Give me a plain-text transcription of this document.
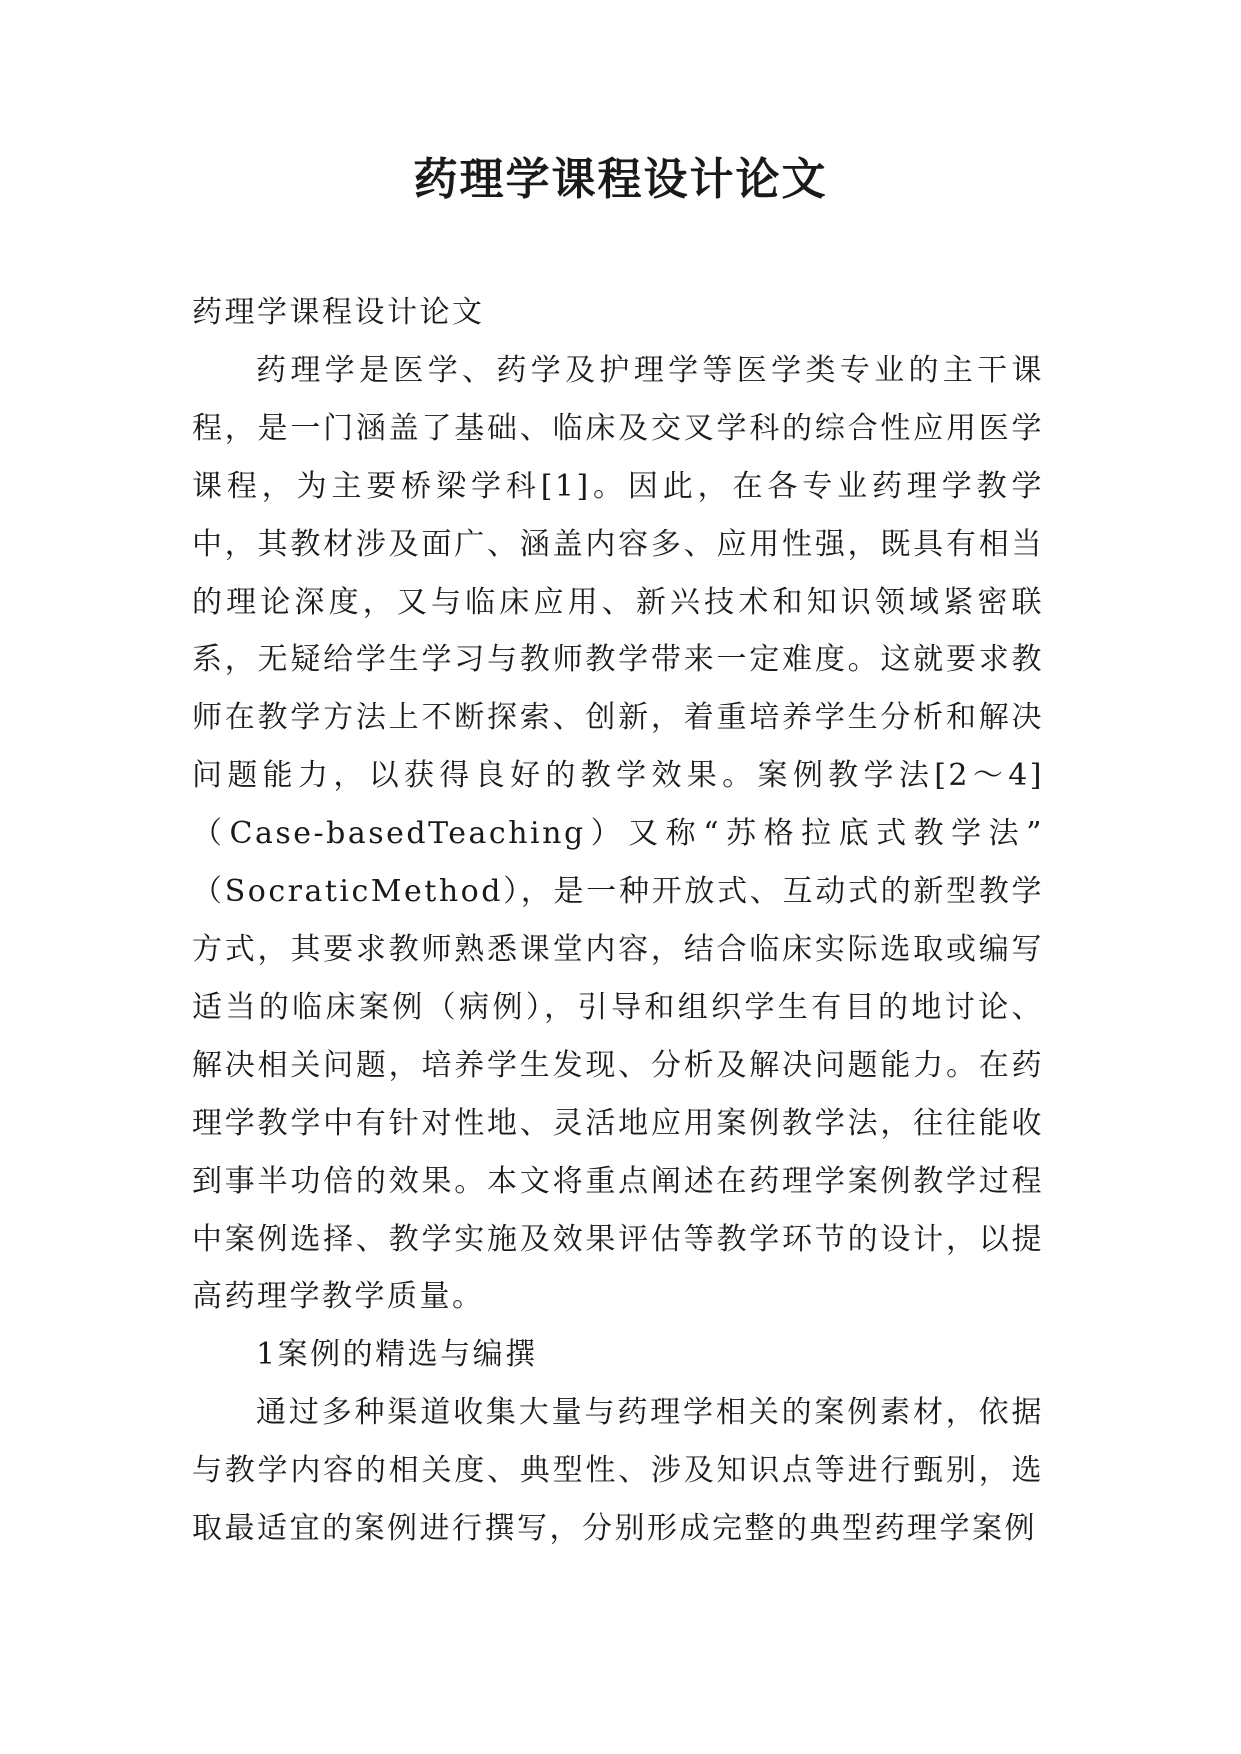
药理学课程设计论文

药理学课程设计论文

药理学是医学、药学及护理学等医学类专业的主干课程，是一门涵盖了基础、临床及交叉学科的综合性应用医学课程，为主要桥梁学科[1]。因此，在各专业药理学教学中，其教材涉及面广、涵盖内容多、应用性强，既具有相当的理论深度，又与临床应用、新兴技术和知识领域紧密联系，无疑给学生学习与教师教学带来一定难度。这就要求教师在教学方法上不断探索、创新，着重培养学生分析和解决问题能力，以获得良好的教学效果。案例教学法[2～4]

（Case-basedTeaching）又称“苏格拉底式教学法”

（SocraticMethod），是一种开放式、互动式的新型教学方式，其要求教师熟悉课堂内容，结合临床实际选取或编写适当的临床案例（病例），引导和组织学生有目的地讨论、解决相关问题，培养学生发现、分析及解决问题能力。在药理学教学中有针对性地、灵活地应用案例教学法，往往能收到事半功倍的效果。本文将重点阐述在药理学案例教学过程中案例选择、教学实施及效果评估等教学环节的设计，以提高药理学教学质量。

1案例的精选与编撰

通过多种渠道收集大量与药理学相关的案例素材，依据与教学内容的相关度、典型性、涉及知识点等进行甄别，选取最适宜的案例进行撰写，分别形成完整的典型药理学案例
